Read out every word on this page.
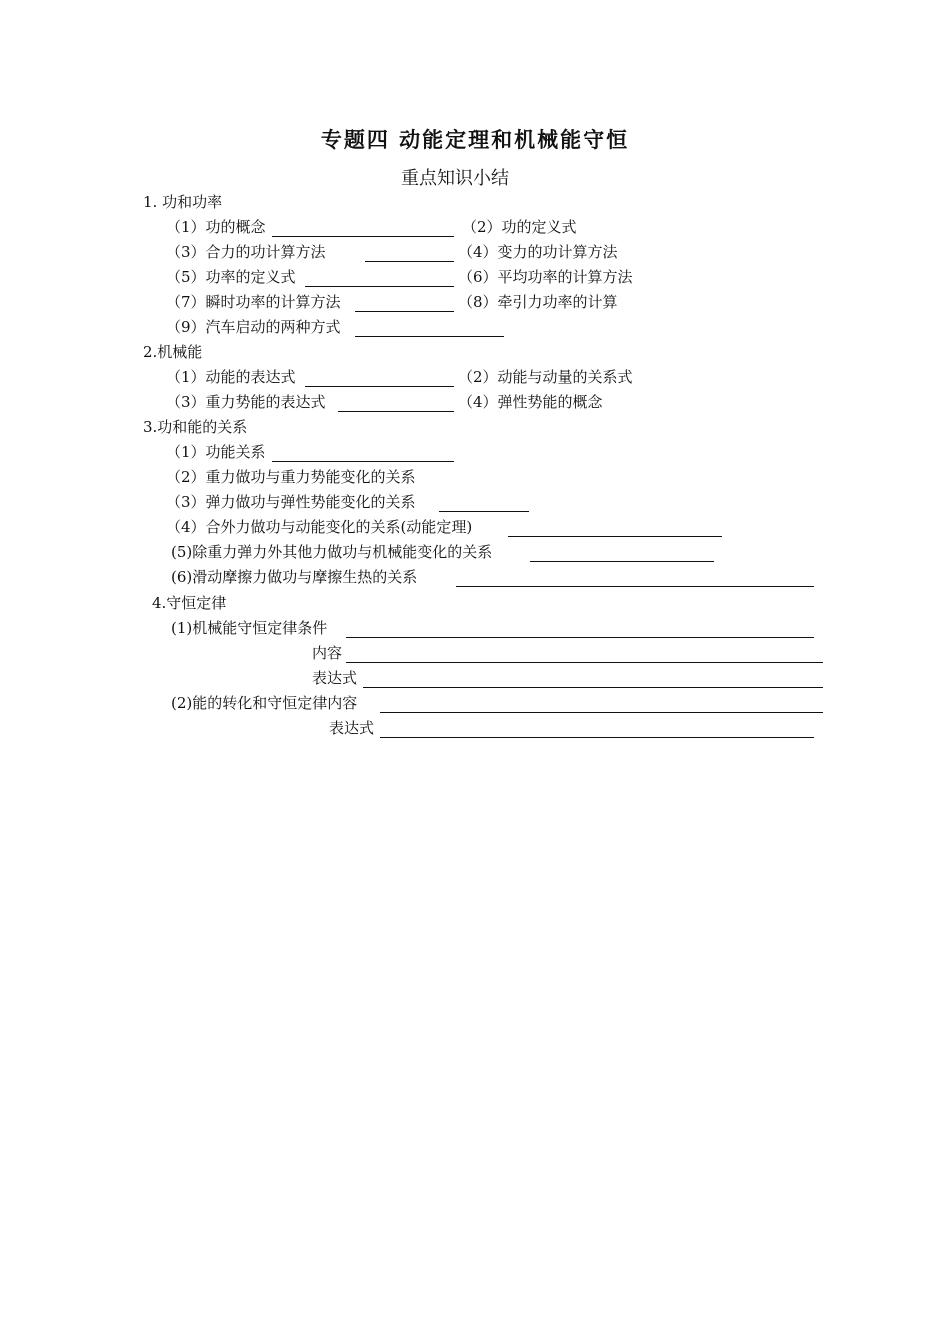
专题四 动能定理和机械能守恒
重点知识小结
1. 功和功率
（1）功的概念	（2）功的定义式
（3）合力的功计算方法	（4）变力的功计算方法
（5）功率的定义式	（6）平均功率的计算方法
（7）瞬时功率的计算方法	（8）牵引力功率的计算
（9）汽车启动的两种方式
2.机械能
（1）动能的表达式	（2）动能与动量的关系式
（3）重力势能的表达式	（4）弹性势能的概念
3.功和能的关系
（1）功能关系
（2）重力做功与重力势能变化的关系
（3）弹力做功与弹性势能变化的关系
（4）合外力做功与动能变化的关系(动能定理)
(5)除重力弹力外其他力做功与机械能变化的关系
(6)滑动摩擦力做功与摩擦生热的关系
4.守恒定律
(1)机械能守恒定律条件
内容
表达式
(2)能的转化和守恒定律内容
表达式
